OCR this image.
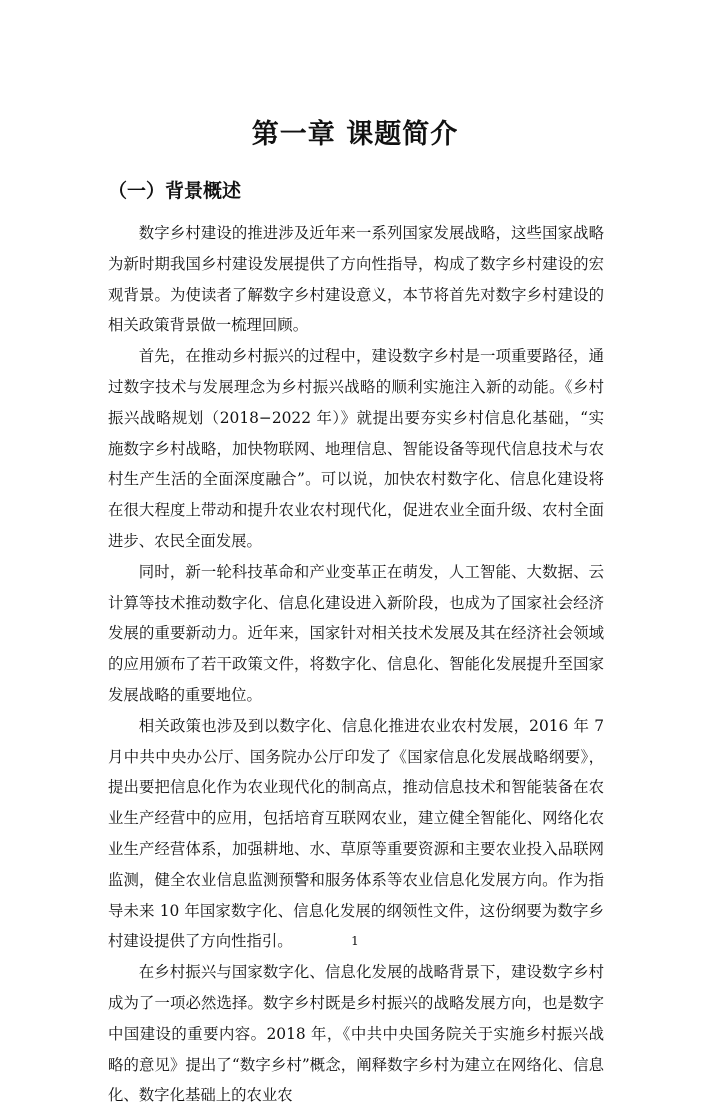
第一章 课题简介
（一）背景概述

数字乡村建设的推进涉及近年来一系列国家发展战略，这些国家战略为新时期我国乡村建设发展提供了方向性指导，构成了数字乡村建设的宏观背景。为使读者了解数字乡村建设意义，本节将首先对数字乡村建设的相关政策背景做一梳理回顾。

首先，在推动乡村振兴的过程中，建设数字乡村是一项重要路径，通过数字技术与发展理念为乡村振兴战略的顺利实施注入新的动能。《乡村振兴战略规划（2018−2022 年）》就提出要夯实乡村信息化基础，“实施数字乡村战略，加快物联网、地理信息、智能设备等现代信息技术与农村生产生活的全面深度融合”。可以说，加快农村数字化、信息化建设将在很大程度上带动和提升农业农村现代化，促进农业全面升级、农村全面进步、农民全面发展。

同时，新一轮科技革命和产业变革正在萌发，人工智能、大数据、云计算等技术推动数字化、信息化建设进入新阶段，也成为了国家社会经济发展的重要新动力。近年来，国家针对相关技术发展及其在经济社会领域的应用颁布了若干政策文件，将数字化、信息化、智能化发展提升至国家发展战略的重要地位。

相关政策也涉及到以数字化、信息化推进农业农村发展，2016 年 7 月中共中央办公厅、国务院办公厅印发了《国家信息化发展战略纲要》，提出要把信息化作为农业现代化的制高点，推动信息技术和智能装备在农业生产经营中的应用，包括培育互联网农业，建立健全智能化、网络化农业生产经营体系，加强耕地、水、草原等重要资源和主要农业投入品联网监测，健全农业信息监测预警和服务体系等农业信息化发展方向。作为指导未来 10 年国家数字化、信息化发展的纲领性文件，这份纲要为数字乡村建设提供了方向性指引。

在乡村振兴与国家数字化、信息化发展的战略背景下，建设数字乡村成为了一项必然选择。数字乡村既是乡村振兴的战略发展方向，也是数字中国建设的重要内容。2018 年，《中共中央国务院关于实施乡村振兴战略的意见》提出了“数字乡村”概念，阐释数字乡村为建立在网络化、信息化、数字化基础上的农业农

1
